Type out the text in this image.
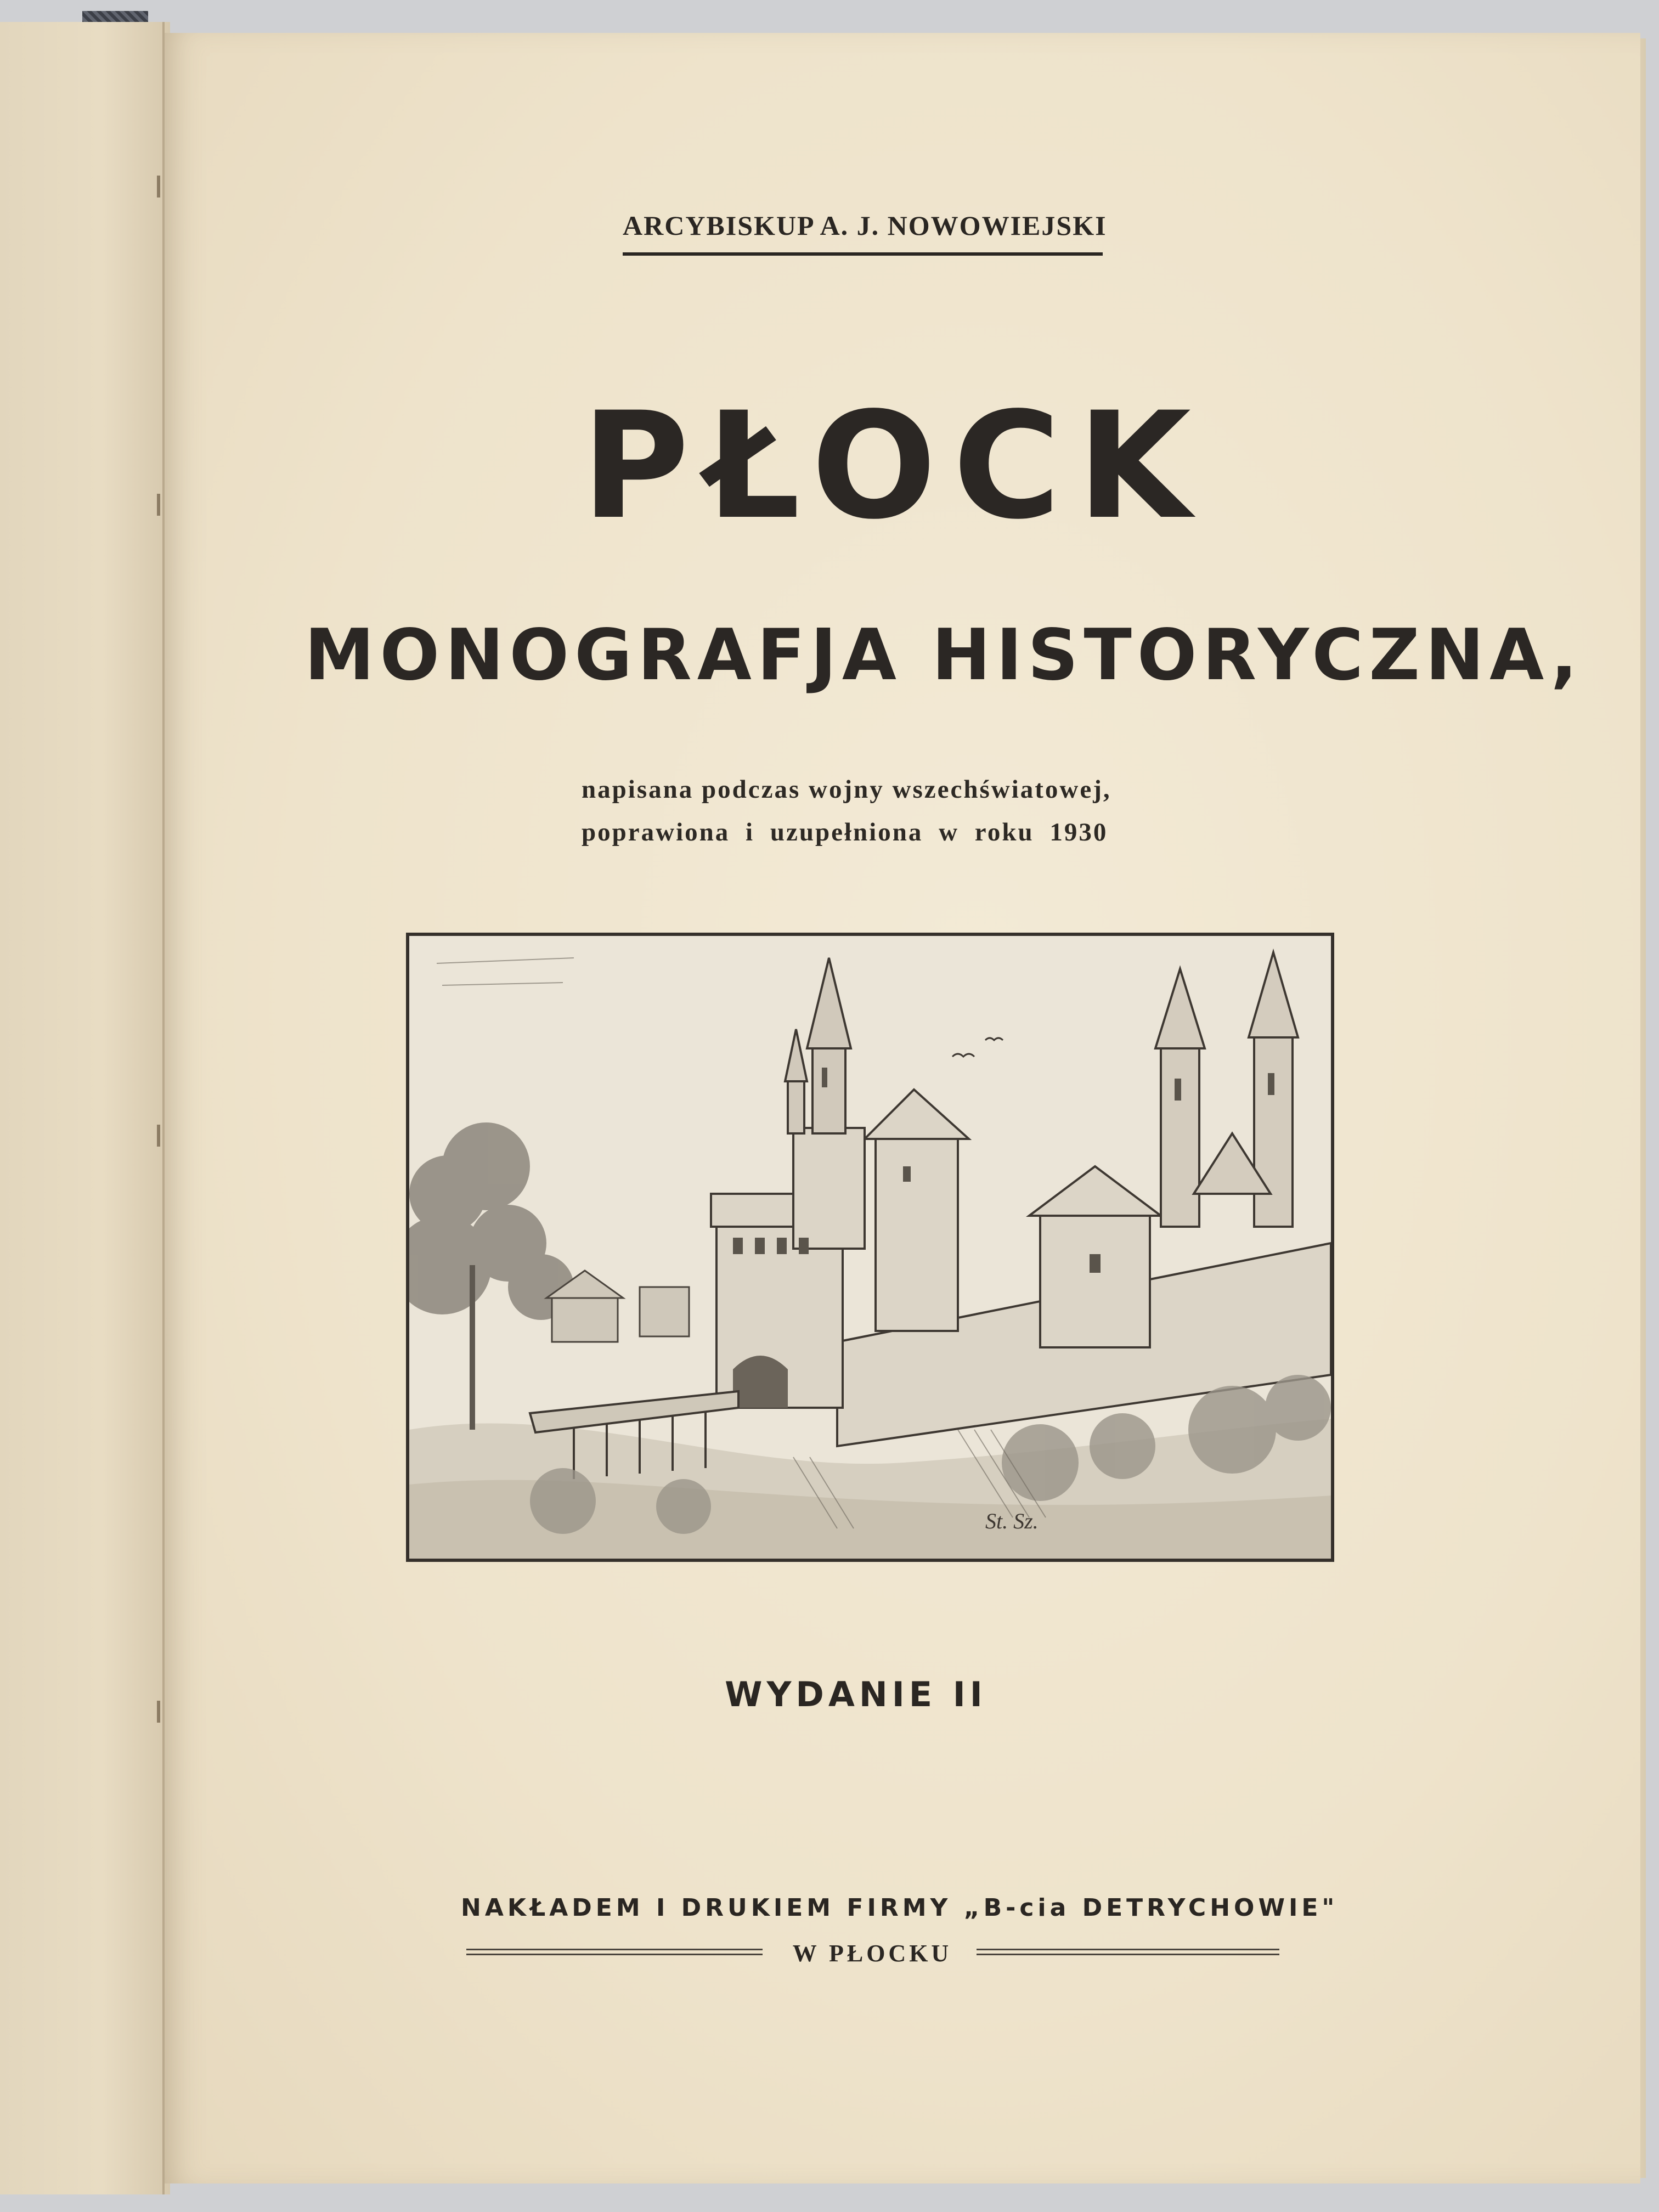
ARCYBISKUP A. J. NOWOWIEJSKI
PŁOCK
MONOGRAFJA HISTORYCZNA,
napisana podczas wojny wszechświatowej,
poprawiona i uzupełniona w roku 1930
St. Sz.
WYDANIE II
NAKŁADEM I DRUKIEM FIRMY „B-cia DETRYCHOWIE"
W PŁOCKU
